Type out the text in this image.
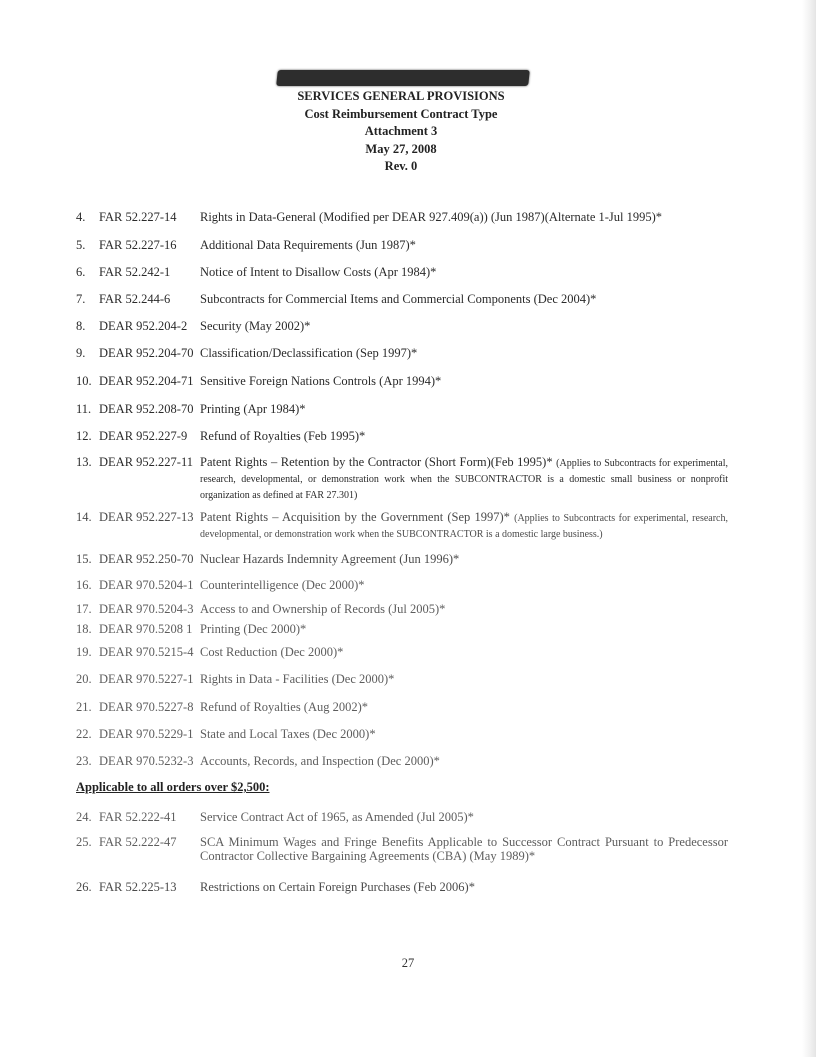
SERVICES GENERAL PROVISIONS
Cost Reimbursement Contract Type
Attachment 3
May 27, 2008
Rev. 0
4.	FAR 52.227-14	Rights in Data-General (Modified per DEAR 927.409(a)) (Jun 1987)(Alternate 1-Jul 1995)*
5.	FAR 52.227-16	Additional Data Requirements (Jun 1987)*
6.	FAR 52.242-1	Notice of Intent to Disallow Costs (Apr 1984)*
7.	FAR 52.244-6	Subcontracts for Commercial Items and Commercial Components (Dec 2004)*
8.	DEAR 952.204-2	Security (May 2002)*
9.	DEAR 952.204-70 Classification/Declassification (Sep 1997)*
10. DEAR 952.204-71 Sensitive Foreign Nations Controls (Apr 1994)*
11. DEAR 952.208-70 Printing (Apr 1984)*
12. DEAR 952.227-9	Refund of Royalties (Feb 1995)*
13. DEAR 952.227-11 Patent Rights – Retention by the Contractor (Short Form)(Feb 1995)* (Applies to Subcontracts for experimental, research, developmental, or demonstration work when the SUBCONTRACTOR is a domestic small business or nonprofit organization as defined at FAR 27.301)
14. DEAR 952.227-13 Patent Rights – Acquisition by the Government (Sep 1997)* (Applies to Subcontracts for experimental, research, developmental, or demonstration work when the SUBCONTRACTOR is a domestic large business.)
15. DEAR 952.250-70 Nuclear Hazards Indemnity Agreement (Jun 1996)*
16. DEAR 970.5204-1 Counterintelligence (Dec 2000)*
17. DEAR 970.5204-3 Access to and Ownership of Records (Jul 2005)*
18. DEAR 970.5208 1 Printing (Dec 2000)*
19. DEAR 970.5215-4 Cost Reduction (Dec 2000)*
20. DEAR 970.5227-1 Rights in Data - Facilities (Dec 2000)*
21. DEAR 970.5227-8 Refund of Royalties (Aug 2002)*
22. DEAR 970.5229-1 State and Local Taxes (Dec 2000)*
23. DEAR 970.5232-3 Accounts, Records, and Inspection (Dec 2000)*
Applicable to all orders over $2,500:
24. FAR 52.222-41	Service Contract Act of 1965, as Amended (Jul 2005)*
25. FAR 52.222-47	SCA Minimum Wages and Fringe Benefits Applicable to Successor Contract Pursuant to Predecessor Contractor Collective Bargaining Agreements (CBA) (May 1989)*
26. FAR 52.225-13	Restrictions on Certain Foreign Purchases (Feb 2006)*
27
